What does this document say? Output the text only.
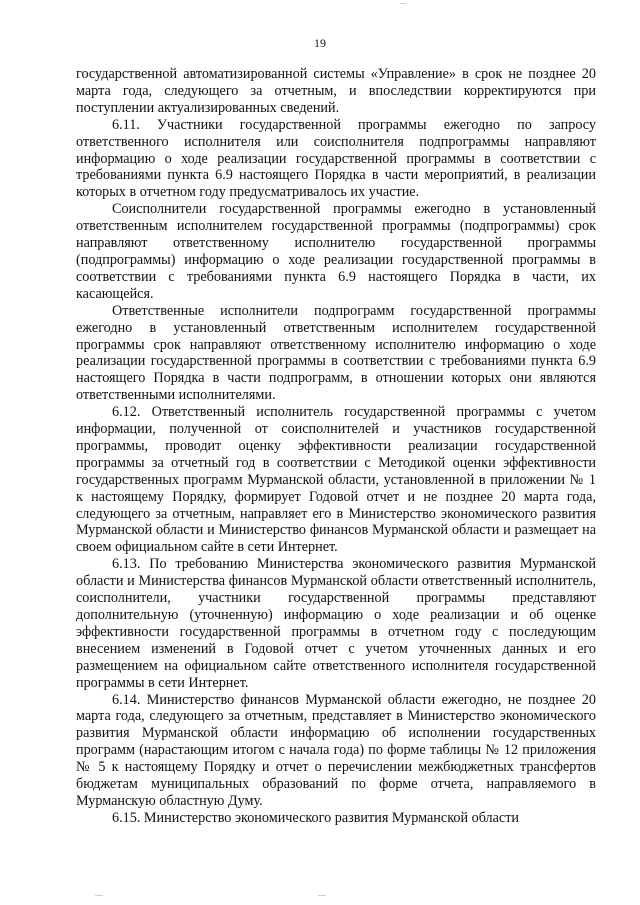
19

государственной автоматизированной системы «Управление» в срок не позднее 20 марта года, следующего за отчетным, и впоследствии корректируются при поступлении актуализированных сведений.

6.11. Участники государственной программы ежегодно по запросу ответственного исполнителя или соисполнителя подпрограммы направляют информацию о ходе реализации государственной программы в соответствии с требованиями пункта 6.9 настоящего Порядка в части мероприятий, в реализации которых в отчетном году предусматривалось их участие.

Соисполнители государственной программы ежегодно в установленный ответственным исполнителем государственной программы (подпрограммы) срок направляют ответственному исполнителю государственной программы (подпрограммы) информацию о ходе реализации государственной программы в соответствии с требованиями пункта 6.9 настоящего Порядка в части, их касающейся.

Ответственные исполнители подпрограмм государственной программы ежегодно в установленный ответственным исполнителем государственной программы срок направляют ответственному исполнителю информацию о ходе реализации государственной программы в соответствии с требованиями пункта 6.9 настоящего Порядка в части подпрограмм, в отношении которых они являются ответственными исполнителями.

6.12. Ответственный исполнитель государственной программы с учетом информации, полученной от соисполнителей и участников государственной программы, проводит оценку эффективности реализации государственной программы за отчетный год в соответствии с Методикой оценки эффективности государственных программ Мурманской области, установленной в приложении № 1 к настоящему Порядку, формирует Годовой отчет и не позднее 20 марта года, следующего за отчетным, направляет его в Министерство экономического развития Мурманской области и Министерство финансов Мурманской области и размещает на своем официальном сайте в сети Интернет.

6.13. По требованию Министерства экономического развития Мурманской области и Министерства финансов Мурманской области ответственный исполнитель, соисполнители, участники государственной программы представляют дополнительную (уточненную) информацию о ходе реализации и об оценке эффективности государственной программы в отчетном году с последующим внесением изменений в Годовой отчет с учетом уточненных данных и его размещением на официальном сайте ответственного исполнителя государственной программы в сети Интернет.

6.14. Министерство финансов Мурманской области ежегодно, не позднее 20 марта года, следующего за отчетным, представляет в Министерство экономического развития Мурманской области информацию об исполнении государственных программ (нарастающим итогом с начала года) по форме таблицы № 12 приложения № 5 к настоящему Порядку и отчет о перечислении межбюджетных трансфертов бюджетам муниципальных образований по форме отчета, направляемого в Мурманскую областную Думу.

6.15. Министерство экономического развития Мурманской области
